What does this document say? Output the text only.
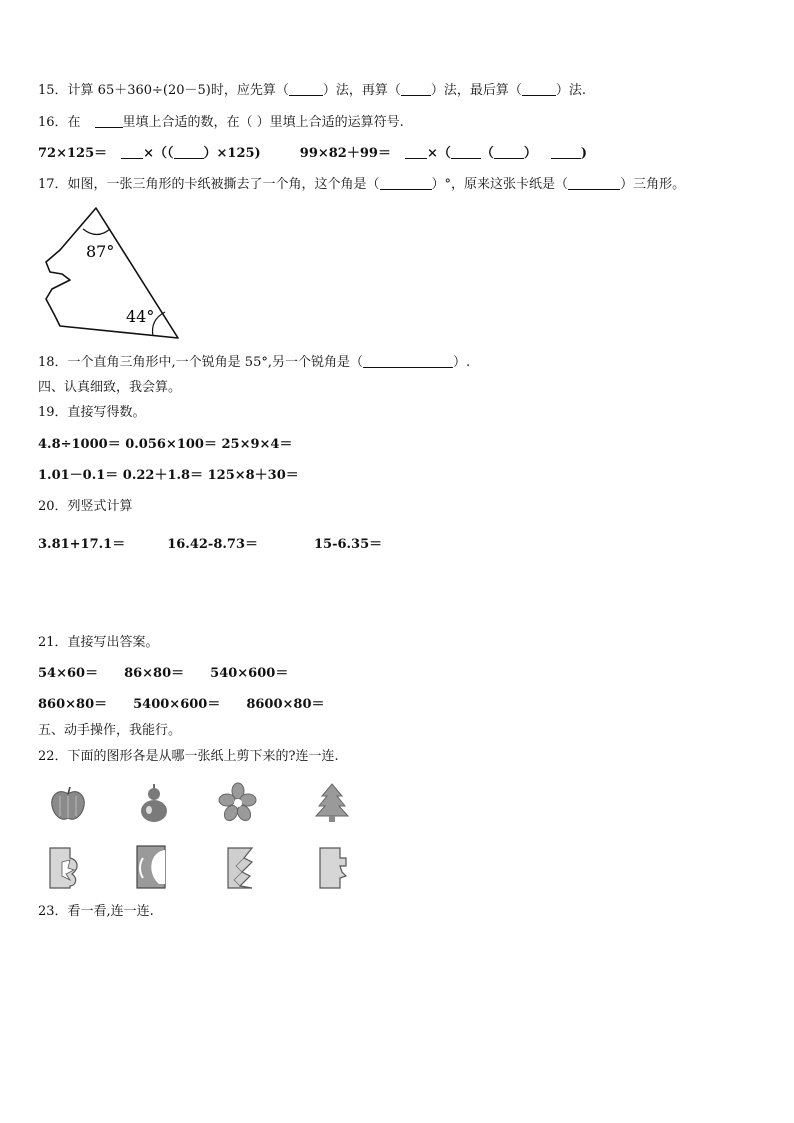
15．计算 65＋360÷(20－5)时，应先算（	）法，再算（ ）法，最后算（	）法.
16．在	里填上合适的数，在（ ）里填上合适的运算符号.
72×125＝	×（（ ）×125)	99×82＋99＝	×（ （ ）	)
17．如图，一张三角形的卡纸被撕去了一个角，这个角是（	）°，原来这张卡纸是（	）三角形。
87°
44°
18．一个直角三角形中,一个锐角是 55°,另一个锐角是（	）.
四、认真细致，我会算。
19．直接写得数。
4.8÷1000＝ 0.056×100＝ 25×9×4＝
1.01－0.1＝ 0.22＋1.8＝ 125×8＋30＝
20．列竖式计算
3.81+17.1＝	16.42-8.73＝	15-6.35＝
21．直接写出答案。
54×60＝ 86×80＝ 540×600＝
860×80＝ 5400×600＝ 8600×80＝
五、动手操作，我能行。
22．下面的图形各是从哪一张纸上剪下来的?连一连.
23．看一看,连一连.
